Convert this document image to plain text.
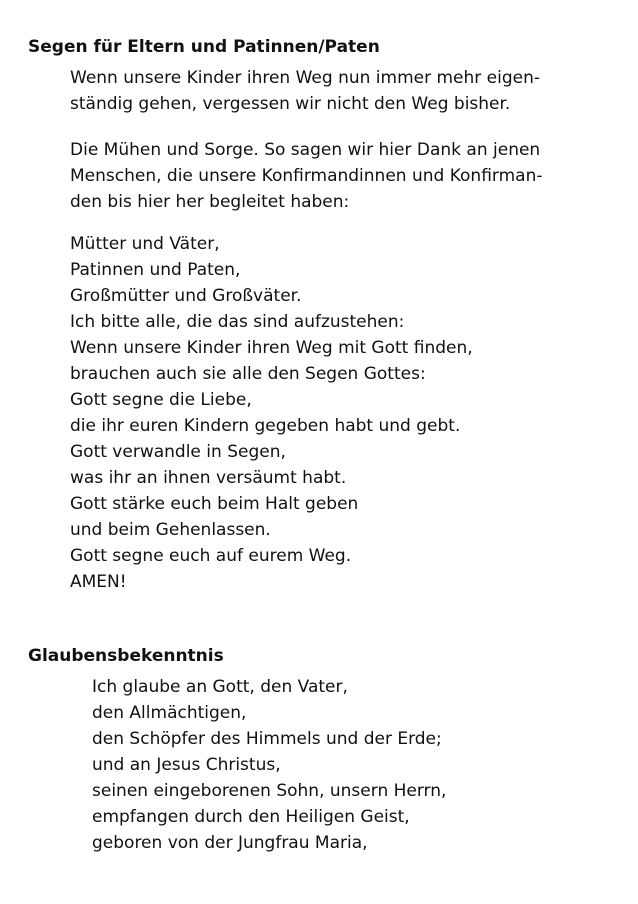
Segen für Eltern und Patinnen/Paten
Wenn unsere Kinder ihren Weg nun immer mehr eigen-
ständig gehen, vergessen wir nicht den Weg bisher.
Die Mühen und Sorge. So sagen wir hier Dank an jenen
Menschen, die unsere Konfirmandinnen und Konfirman-
den bis hier her begleitet haben:
Mütter und Väter,
Patinnen und Paten,
Großmütter und Großväter.
Ich bitte alle, die das sind aufzustehen:
Wenn unsere Kinder ihren Weg mit Gott finden,
brauchen auch sie alle den Segen Gottes:
Gott segne die Liebe,
die ihr euren Kindern gegeben habt und gebt.
Gott verwandle in Segen,
was ihr an ihnen versäumt habt.
Gott stärke euch beim Halt geben
und beim Gehenlassen.
Gott segne euch auf eurem Weg.
AMEN!
Glaubensbekenntnis
Ich glaube an Gott, den Vater,
den Allmächtigen,
den Schöpfer des Himmels und der Erde;
und an Jesus Christus,
seinen eingeborenen Sohn, unsern Herrn,
empfangen durch den Heiligen Geist,
geboren von der Jungfrau Maria,
